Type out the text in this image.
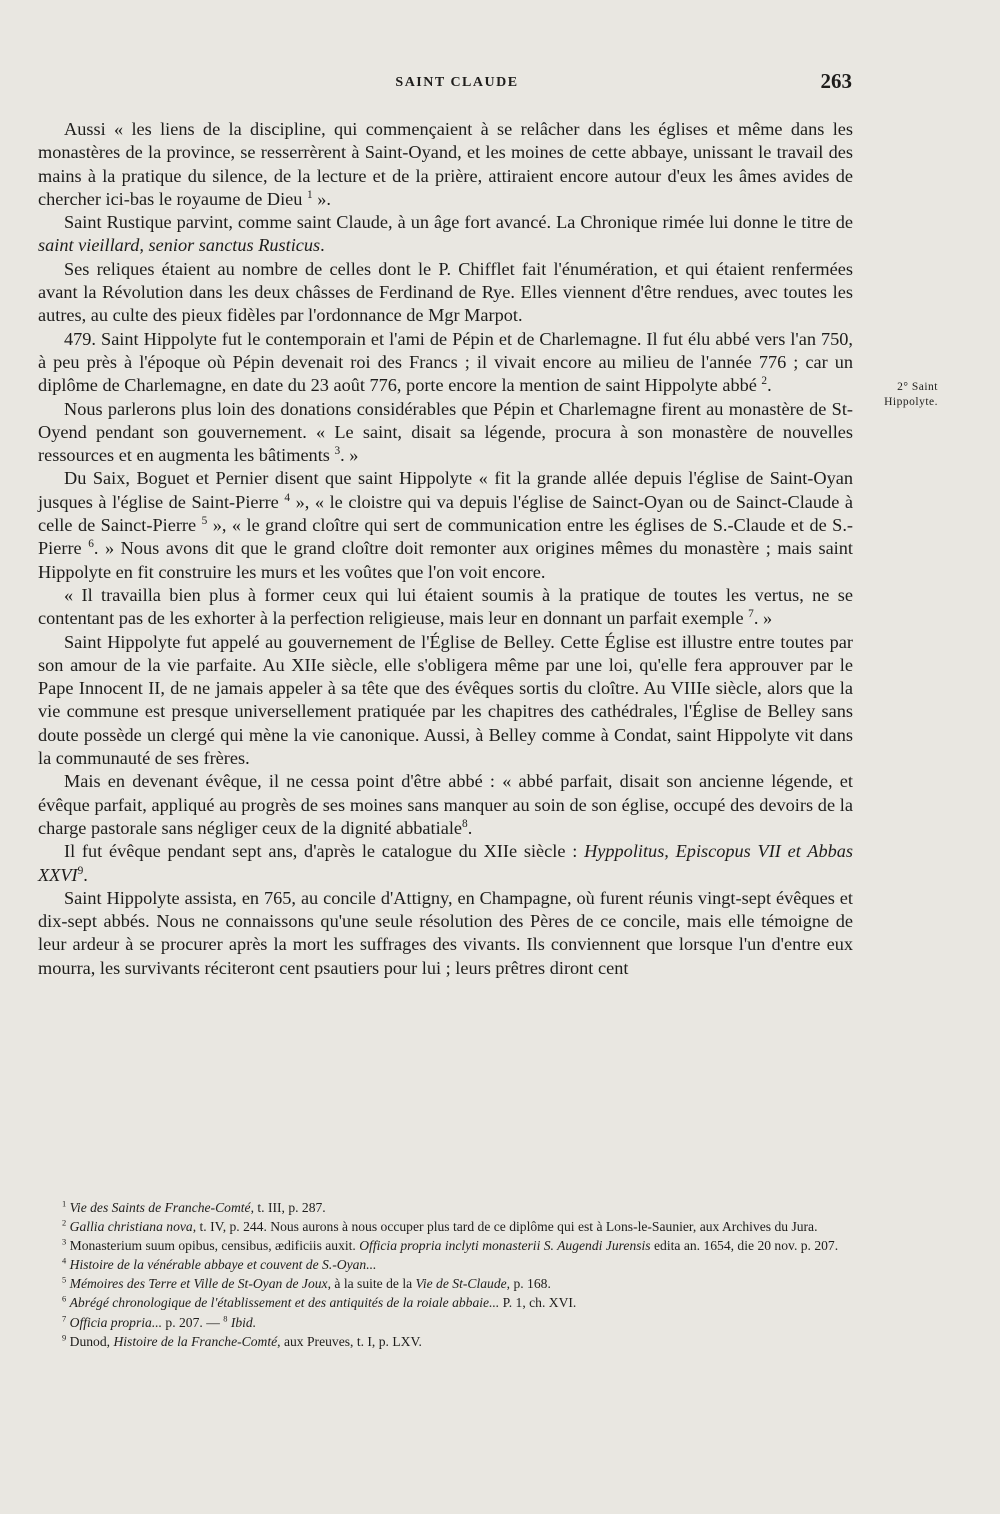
SAINT CLAUDE	263
2° Saint
Hippolyte.

Aussi « les liens de la discipline, qui commençaient à se relâcher dans les églises et même dans les monastères de la province, se resserrèrent à Saint-Oyand, et les moines de cette abbaye, unissant le travail des mains à la pratique du silence, de la lecture et de la prière, attiraient encore autour d'eux les âmes avides de chercher ici-bas le royaume de Dieu $^1$ ».

Saint Rustique parvint, comme saint Claude, à un âge fort avancé. La Chronique rimée lui donne le titre de saint vieillard, senior sanctus Rusticus.

Ses reliques étaient au nombre de celles dont le P. Chifflet fait l'énumération, et qui étaient renfermées avant la Révolution dans les deux châsses de Ferdinand de Rye. Elles viennent d'être rendues, avec toutes les autres, au culte des pieux fidèles par l'ordonnance de Mgr Marpot.

479. Saint Hippolyte fut le contemporain et l'ami de Pépin et de Charlemagne. Il fut élu abbé vers l'an 750, à peu près à l'époque où Pépin devenait roi des Francs ; il vivait encore au milieu de l'année 776 ; car un diplôme de Charlemagne, en date du 23 août 776, porte encore la mention de saint Hippolyte abbé $^2$.

Nous parlerons plus loin des donations considérables que Pépin et Charlemagne firent au monastère de St-Oyend pendant son gouvernement. « Le saint, disait sa légende, procura à son monastère de nouvelles ressources et en augmenta les bâtiments $^3$. »

Du Saix, Boguet et Pernier disent que saint Hippolyte « fit la grande allée depuis l'église de Saint-Oyan jusques à l'église de Saint-Pierre $^4$ », « le cloistre qui va depuis l'église de Sainct-Oyan ou de Sainct-Claude à celle de Sainct-Pierre $^5$ », « le grand cloître qui sert de communication entre les églises de S.-Claude et de S.-Pierre $^6$. » Nous avons dit que le grand cloître doit remonter aux origines mêmes du monastère ; mais saint Hippolyte en fit construire les murs et les voûtes que l'on voit encore.

« Il travailla bien plus à former ceux qui lui étaient soumis à la pratique de toutes les vertus, ne se contentant pas de les exhorter à la perfection religieuse, mais leur en donnant un parfait exemple $^7$. »

Saint Hippolyte fut appelé au gouvernement de l'Église de Belley. Cette Église est illustre entre toutes par son amour de la vie parfaite. Au XIIe siècle, elle s'obligera même par une loi, qu'elle fera approuver par le Pape Innocent II, de ne jamais appeler à sa tête que des évêques sortis du cloître. Au VIIIe siècle, alors que la vie commune est presque universellement pratiquée par les chapitres des cathédrales, l'Église de Belley sans doute possède un clergé qui mène la vie canonique. Aussi, à Belley comme à Condat, saint Hippolyte vit dans la communauté de ses frères.

Mais en devenant évêque, il ne cessa point d'être abbé : « abbé parfait, disait son ancienne légende, et évêque parfait, appliqué au progrès de ses moines sans manquer au soin de son église, occupé des devoirs de la charge pastorale sans négliger ceux de la dignité abbatiale$^8$.

Il fut évêque pendant sept ans, d'après le catalogue du XIIe siècle : Hyppolitus, Episcopus VII et Abbas XXVI$^9$.

Saint Hippolyte assista, en 765, au concile d'Attigny, en Champagne, où furent réunis vingt-sept évêques et dix-sept abbés. Nous ne connaissons qu'une seule résolution des Pères de ce concile, mais elle témoigne de leur ardeur à se procurer après la mort les suffrages des vivants. Ils conviennent que lorsque l'un d'entre eux mourra, les survivants réciteront cent psautiers pour lui ; leurs prêtres diront cent

$^1$ Vie des Saints de Franche-Comté, t. III, p. 287.

$^2$ Gallia christiana nova, t. IV, p. 244. Nous aurons à nous occuper plus tard de ce diplôme qui est à Lons-le-Saunier, aux Archives du Jura.

$^3$ Monasterium suum opibus, censibus, ædificiis auxit. Officia propria inclyti monasterii S. Augendi Jurensis edita an. 1654, die 20 nov. p. 207.

$^4$ Histoire de la vénérable abbaye et couvent de S.-Oyan...

$^5$ Mémoires des Terre et Ville de St-Oyan de Joux, à la suite de la Vie de St-Claude, p. 168.

$^6$ Abrégé chronologique de l'établissement et des antiquités de la roiale abbaie... P. 1, ch. XVI.

$^7$ Officia propria... p. 207. — $^8$ Ibid.

$^9$ Dunod, Histoire de la Franche-Comté, aux Preuves, t. I, p. LXV.
